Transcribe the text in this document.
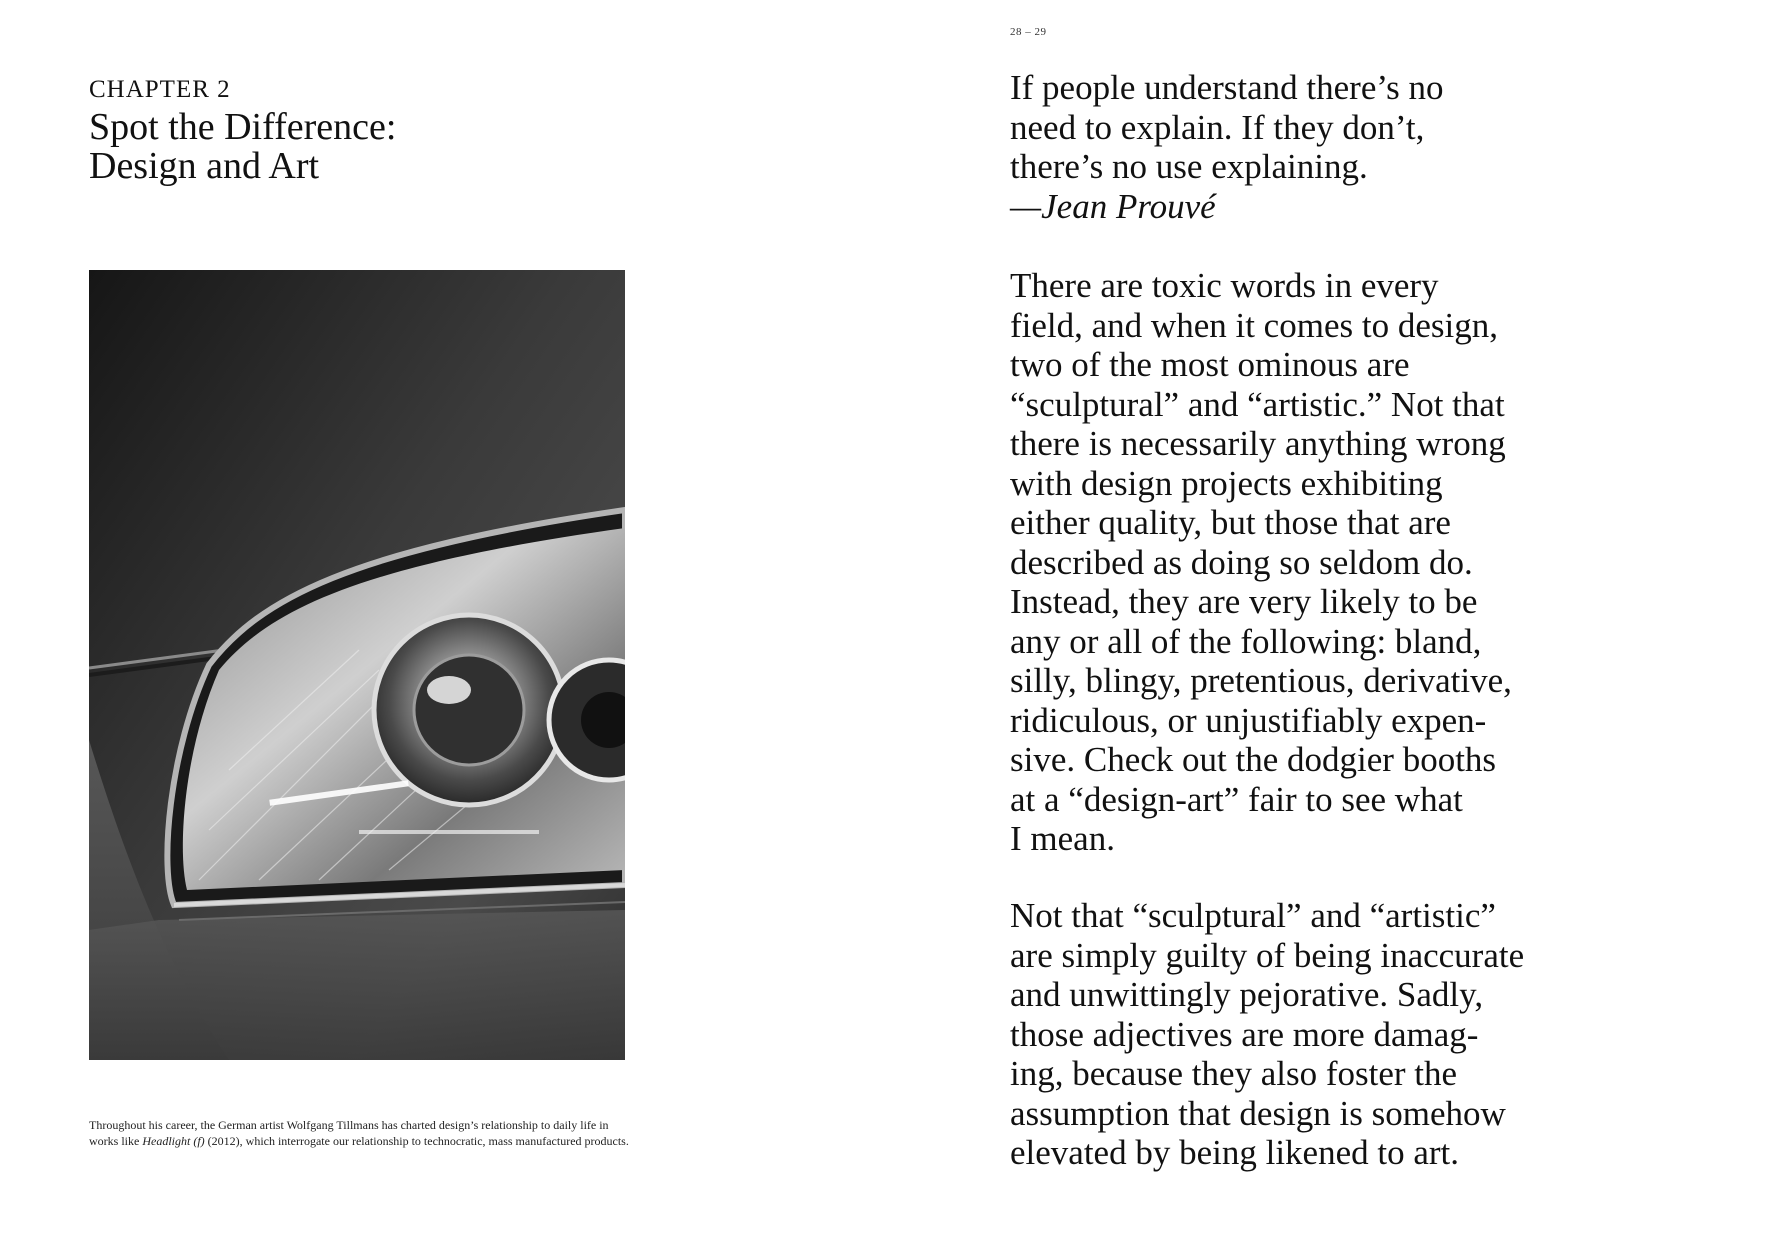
CHAPTER 2
Spot the Difference:
Design and Art
Throughout his career, the German artist Wolfgang Tillmans has charted design’s relationship to daily life in works like Headlight (f) (2012), which interrogate our relationship to technocratic, mass manufactured products.
28 – 29
If people understand there’s no
need to explain. If they don’t,
there’s no use explaining.
—Jean Prouvé
There are toxic words in every
field, and when it comes to design,
two of the most ominous are
“sculptural” and “artistic.” Not that
there is necessarily anything wrong
with design projects exhibiting
either quality, but those that are
described as doing so seldom do.
Instead, they are very likely to be
any or all of the following: bland,
silly, blingy, pretentious, derivative,
ridiculous, or unjustifiably expen-
sive. Check out the dodgier booths
at a “design-art” fair to see what
I mean.
Not that “sculptural” and “artistic”
are simply guilty of being inaccurate
and unwittingly pejorative. Sadly,
those adjectives are more damag-
ing, because they also foster the
assumption that design is somehow
elevated by being likened to art.
